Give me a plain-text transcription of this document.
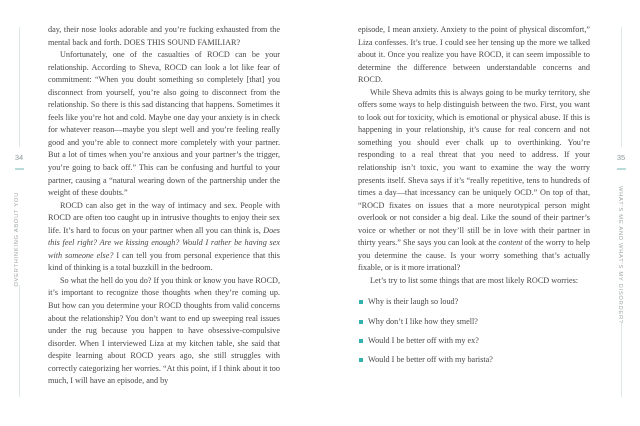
34
OVERTHINKING ABOUT YOU
35
WHAT’S ME AND WHAT’S MY DISORDER?

day, their nose looks adorable and you’re fucking exhausted from the mental back and forth. DOES THIS SOUND FAMILIAR?

Unfortunately, one of the casualties of ROCD can be your relationship. According to Sheva, ROCD can look a lot like fear of commitment: “When you doubt something so completely [that] you disconnect from yourself, you’re also going to disconnect from the relationship. So there is this sad distancing that happens. Sometimes it feels like you’re hot and cold. Maybe one day your anxiety is in check for whatever reason—maybe you slept well and you’re feeling really good and you’re able to connect more completely with your partner. But a lot of times when you’re anxious and your partner’s the trigger, you’re going to back off.” This can be confusing and hurtful to your partner, causing a “natural wearing down of the partnership under the weight of these doubts.”

ROCD can also get in the way of intimacy and sex. People with ROCD are often too caught up in intrusive thoughts to enjoy their sex life. It’s hard to focus on your partner when all you can think is, Does this feel right? Are we kissing enough? Would I rather be having sex with someone else? I can tell you from personal experience that this kind of thinking is a total buzzkill in the bedroom.

So what the hell do you do? If you think or know you have ROCD, it’s important to recognize those thoughts when they’re coming up. But how can you determine your ROCD thoughts from valid concerns about the relationship? You don’t want to end up sweeping real issues under the rug because you happen to have obsessive-compulsive disorder. When I interviewed Liza at my kitchen table, she said that despite learning about ROCD years ago, she still struggles with correctly categorizing her worries. “At this point, if I think about it too much, I will have an episode, and by

episode, I mean anxiety. Anxiety to the point of physical discomfort,” Liza confesses. It’s true. I could see her tensing up the more we talked about it. Once you realize you have ROCD, it can seem impossible to determine the difference between understandable concerns and ROCD.

While Sheva admits this is always going to be murky territory, she offers some ways to help distinguish between the two. First, you want to look out for toxicity, which is emotional or physical abuse. If this is happening in your relationship, it’s cause for real concern and not something you should ever chalk up to overthinking. You’re responding to a real threat that you need to address. If your relationship isn’t toxic, you want to examine the way the worry presents itself. Sheva says if it’s “really repetitive, tens to hundreds of times a day—that incessancy can be uniquely OCD.” On top of that, “ROCD fixates on issues that a more neurotypical person might overlook or not consider a big deal. Like the sound of their partner’s voice or whether or not they’ll still be in love with their partner in thirty years.” She says you can look at the content of the worry to help you determine the cause. Is your worry something that’s actually fixable, or is it more irrational?

Let’s try to list some things that are most likely ROCD worries:

Why is their laugh so loud?
Why don’t I like how they smell?
Would I be better off with my ex?
Would I be better off with my barista?
